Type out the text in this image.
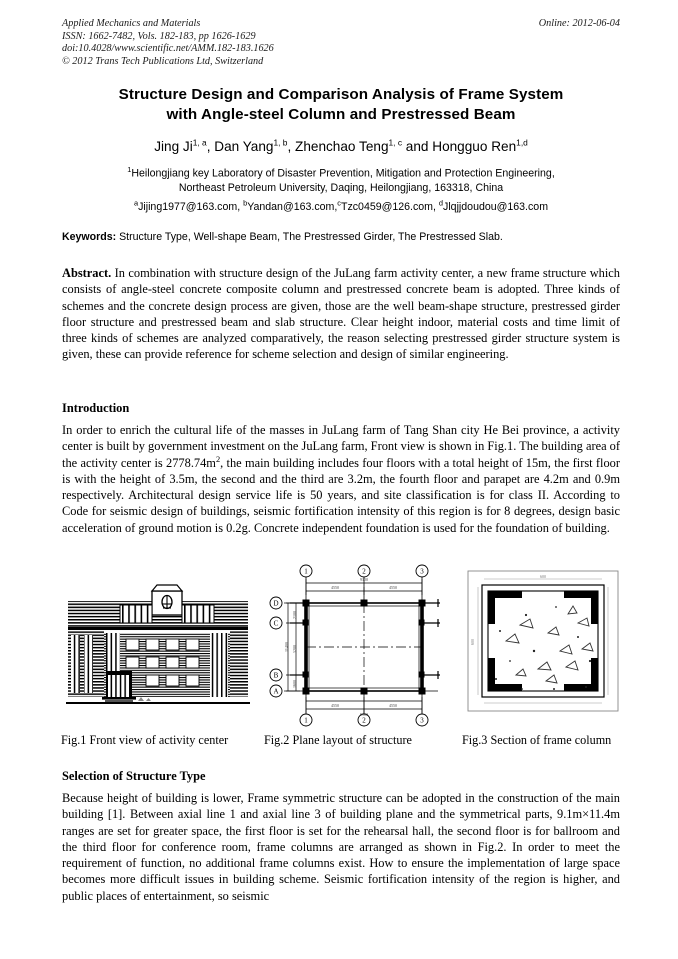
Applied Mechanics and Materials	Online: 2012-06-04
ISSN: 1662-7482, Vols. 182-183, pp 1626-1629
doi:10.4028/www.scientific.net/AMM.182-183.1626
© 2012 Trans Tech Publications Ltd, Switzerland
Structure Design and Comparison Analysis of Frame System
with Angle-steel Column and Prestressed Beam
Jing Ji$^{1, a}$, Dan Yang$^{1, b}$, Zhenchao Teng$^{1, c}$ and Hongguo Ren$^{1,d}$
$^1$Heilongjiang key Laboratory of Disaster Prevention, Mitigation and Protection Engineering,
Northeast Petroleum University, Daqing, Heilongjiang, 163318, China
$^a$Jijing1977@163.com, $^b$Yandan@163.com,$^c$Tzc0459@126.com, $^d$Jlqjjdoudou@163.com
Keywords: Structure Type, Well-shape Beam, The Prestressed Girder, The Prestressed Slab.
Abstract. In combination with structure design of the JuLang farm activity center, a new frame structure which consists of angle-steel concrete composite column and prestressed concrete beam is adopted. Three kinds of schemes and the concrete design process are given, those are the well beam-shape structure, prestressed girder floor structure and prestressed beam and slab structure. Clear height indoor, material costs and time limit of three kinds of schemes are analyzed comparatively, the reason selecting prestressed girder structure system is given, these can provide reference for scheme selection and design of similar engineering.
Introduction
In order to enrich the cultural life of the masses in JuLang farm of Tang Shan city He Bei province, a activity center is built by government investment on the JuLang farm, Front view is shown in Fig.1. The building area of the activity center is $2778.74m^2$, the main building includes four floors with a total height of 15m, the first floor is with the height of 3.5m, the second and the third are 3.2m, the fourth floor and parapet are 4.2m and 0.9m respectively. Architectural design service life is 50 years, and site classification is for class II. According to Code for seismic design of buildings, seismic fortification intensity of this region is for 8 degrees, design basic acceleration of ground motion is 0.2g. Concrete independent foundation is used for the foundation of building.
1	2	3
1	2	3
D
C
B
A
4550	4550
9100
4550	4550
9100
2100
5200
11400
1600
600
600
Fig.1 Front view of activity center	Fig.2 Plane layout of structure	Fig.3 Section of frame column
Selection of Structure Type
Because height of building is lower, Frame symmetric structure can be adopted in the construction of the main building [1]. Between axial line 1 and axial line 3 of building plane and the symmetrical parts, 9.1m×11.4m ranges are set for greater space, the first floor is set for the rehearsal hall, the second floor is for ballroom and the third floor for conference room, frame columns are arranged as shown in Fig.2. In order to meet the requirement of function, no additional frame columns exist. How to ensure the implementation of large space becomes more difficult issues in building scheme. Seismic fortification intensity of the region is higher, and public places of entertainment, so seismic
